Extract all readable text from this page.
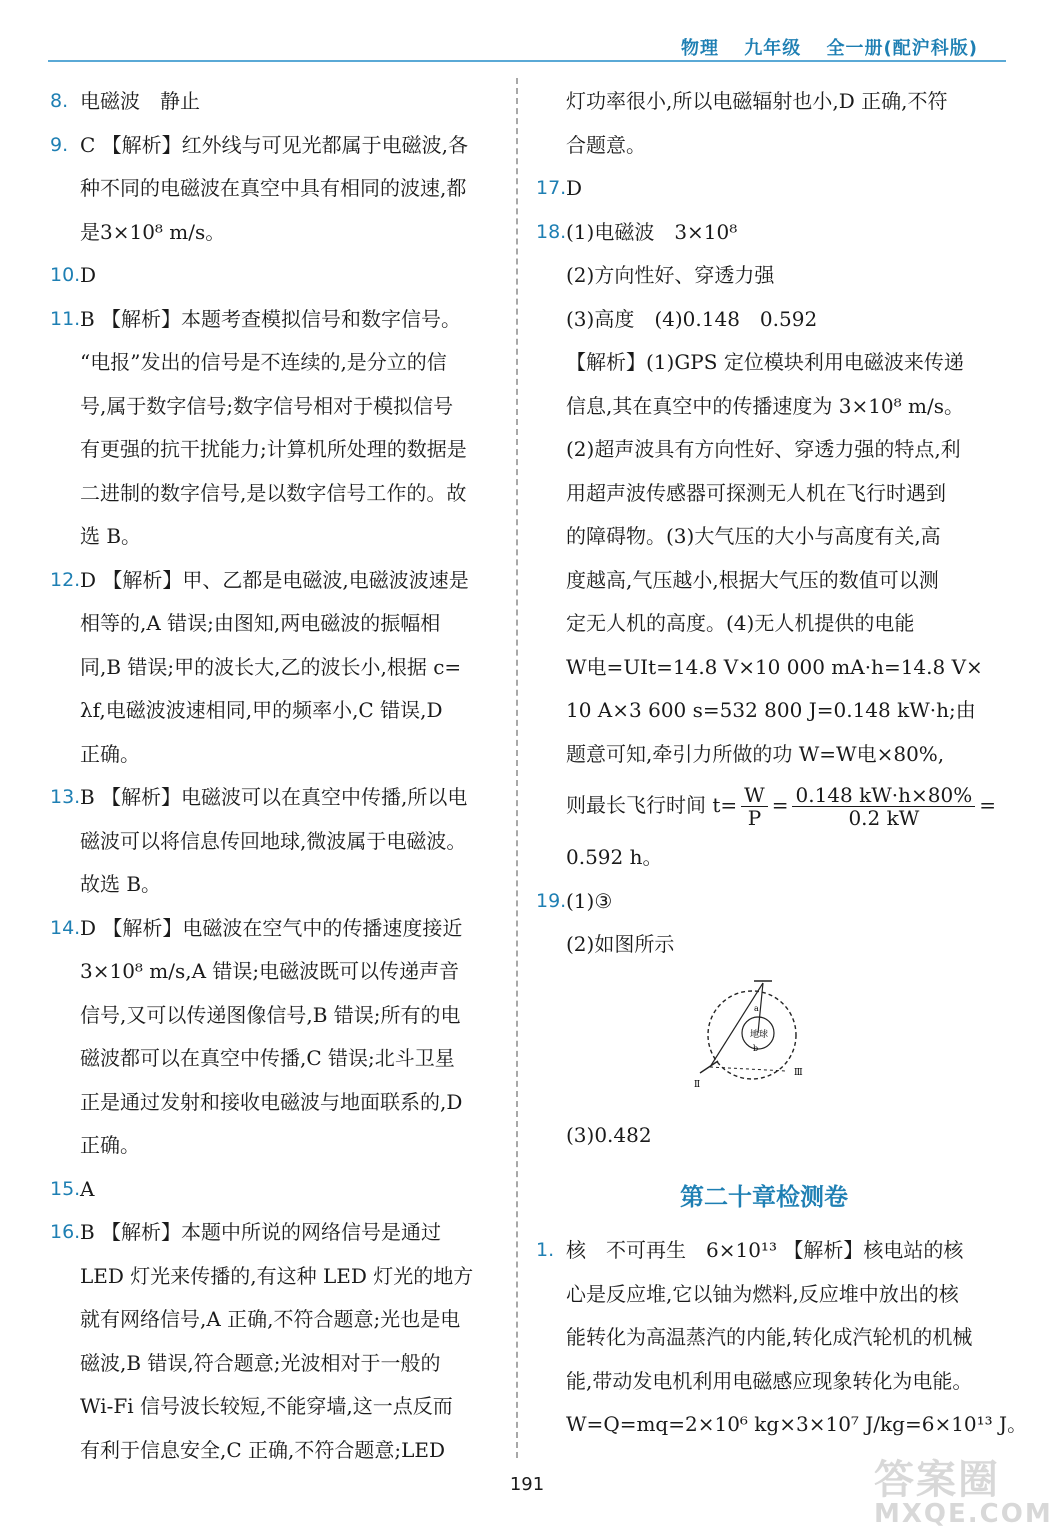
物理 九年级 全一册(配沪科版)
8. 电磁波　静止
9. C 【解析】红外线与可见光都属于电磁波,各
种不同的电磁波在真空中具有相同的波速,都
是3×10⁸ m/s。
10. D
11. B 【解析】本题考查模拟信号和数字信号。
“电报”发出的信号是不连续的,是分立的信
号,属于数字信号;数字信号相对于模拟信号
有更强的抗干扰能力;计算机所处理的数据是
二进制的数字信号,是以数字信号工作的。故
选 B。
12. D 【解析】甲、乙都是电磁波,电磁波波速是
相等的,A 错误;由图知,两电磁波的振幅相
同,B 错误;甲的波长大,乙的波长小,根据 c=
λf,电磁波波速相同,甲的频率小,C 错误,D
正确。
13. B 【解析】电磁波可以在真空中传播,所以电
磁波可以将信息传回地球,微波属于电磁波。
故选 B。
14. D 【解析】电磁波在空气中的传播速度接近
3×10⁸ m/s,A 错误;电磁波既可以传递声音
信号,又可以传递图像信号,B 错误;所有的电
磁波都可以在真空中传播,C 错误;北斗卫星
正是通过发射和接收电磁波与地面联系的,D
正确。
15. A
16. B 【解析】本题中所说的网络信号是通过
LED 灯光来传播的,有这种 LED 灯光的地方
就有网络信号,A 正确,不符合题意;光也是电
磁波,B 错误,符合题意;光波相对于一般的
Wi-Fi 信号波长较短,不能穿墙,这一点反而
有利于信息安全,C 正确,不符合题意;LED
灯功率很小,所以电磁辐射也小,D 正确,不符
合题意。
17. D
18. (1)电磁波　3×10⁸
(2)方向性好、穿透力强
(3)高度　(4)0.148　0.592
【解析】(1)GPS 定位模块利用电磁波来传递
信息,其在真空中的传播速度为 3×10⁸ m/s。
(2)超声波具有方向性好、穿透力强的特点,利
用超声波传感器可探测无人机在飞行时遇到
的障碍物。(3)大气压的大小与高度有关,高
度越高,气压越小,根据大气压的数值可以测
定无人机的高度。(4)无人机提供的电能
W电=UIt=14.8 V×10 000 mA·h=14.8 V×
10 A×3 600 s=532 800 J=0.148 kW·h;由
题意可知,牵引力所做的功 W=W电×80%,
则最长飞行时间 $t= \frac{W}{P} = \frac{0.148 kW\cdot h\times 80\%}{0.2 kW}$ =
0.592 h。
19. (1)③
(2)如图所示
地球
a
b
Ⅱ
Ⅲ
(3)0.482
第二十章检测卷
1. 核　不可再生　6×10¹³ 【解析】核电站的核
心是反应堆,它以铀为燃料,反应堆中放出的核
能转化为高温蒸汽的内能,转化成汽轮机的机械
能,带动发电机利用电磁感应现象转化为电能。
W=Q=mq=2×10⁶ kg×3×10⁷ J/kg=6×10¹³ J。
191	答案圈
MXQE.COM
